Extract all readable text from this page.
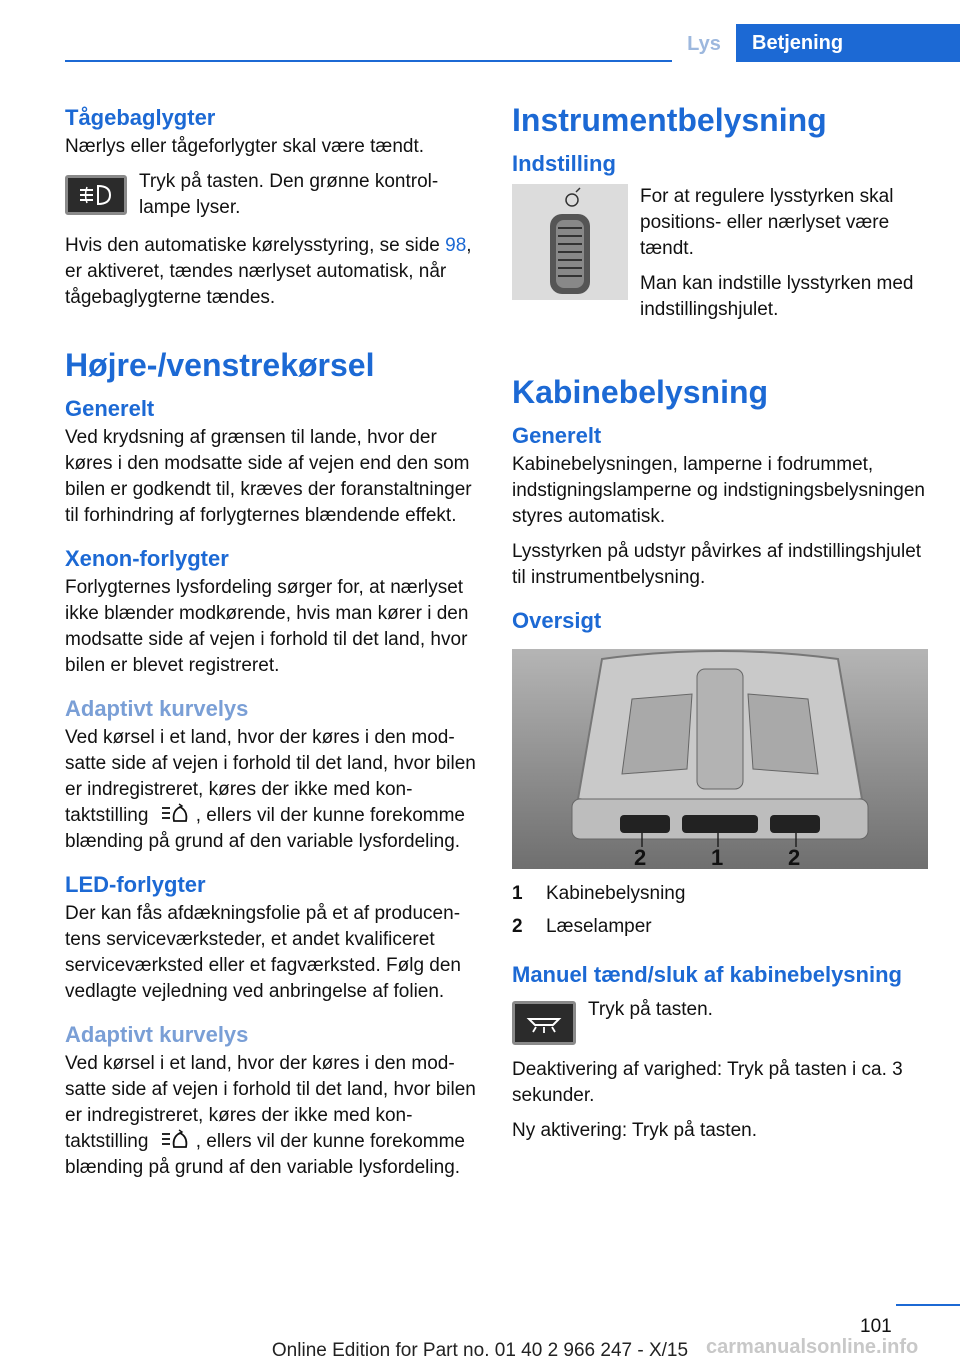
Lys	Betjening
Tågebaglygter

Nærlys eller tågeforlygter skal være tændt.

Tryk på tasten. Den grønne kontrollampe lyser.

Hvis den automatiske kørelysstyring, se side 98, er aktiveret, tændes nærlyset automatisk, når tågebaglygterne tændes.

Højre-/venstrekørsel
Generelt

Ved krydsning af grænsen til lande, hvor der køres i den modsatte side af vejen end den som bilen er godkendt til, kræves der foranstaltninger til forhindring af forlygternes blændende effekt.

Xenon-forlygter

Forlygternes lysfordeling sørger for, at nærlyset ikke blænder modkørende, hvis man kører i den modsatte side af vejen i forhold til det land, hvor bilen er blevet registreret.

Adaptivt kurvelys

Ved kørsel i et land, hvor der køres i den modsatte side af vejen i forhold til det land, hvor bilen er indregistreret, køres der ikke med kontaktstilling , ellers vil der kunne forekomme blænding på grund af den variable lysfordeling.

LED-forlygter

Der kan fås afdækningsfolie på et af producentens serviceværksteder, et andet kvalificeret serviceværksted eller et fagværksted. Følg den vedlagte vejledning ved anbringelse af folien.

Adaptivt kurvelys

Ved kørsel i et land, hvor der køres i den modsatte side af vejen i forhold til det land, hvor bilen er indregistreret, køres der ikke med kontaktstilling , ellers vil der kunne forekomme blænding på grund af den variable lysfordeling.

Instrumentbelysning
Indstilling

For at regulere lysstyrken skal positions- eller nærlyset være tændt.

Man kan indstille lysstyrken med indstillingshjulet.

Kabinebelysning
Generelt

Kabinebelysningen, lamperne i fodrummet, indstigningslamperne og indstigningsbelysningen styres automatisk.

Lysstyrken på udstyr påvirkes af indstillingshjulet til instrumentbelysning.

Oversigt
2	1	2
1	Kabinebelysning
2	Læselamper
Manuel tænd/sluk af kabinebelysning

Tryk på tasten.

Deaktivering af varighed: Tryk på tasten i ca. 3 sekunder.

Ny aktivering: Tryk på tasten.

101
Online Edition for Part no. 01 40 2 966 247 - X/15 carmanualsonline.info
